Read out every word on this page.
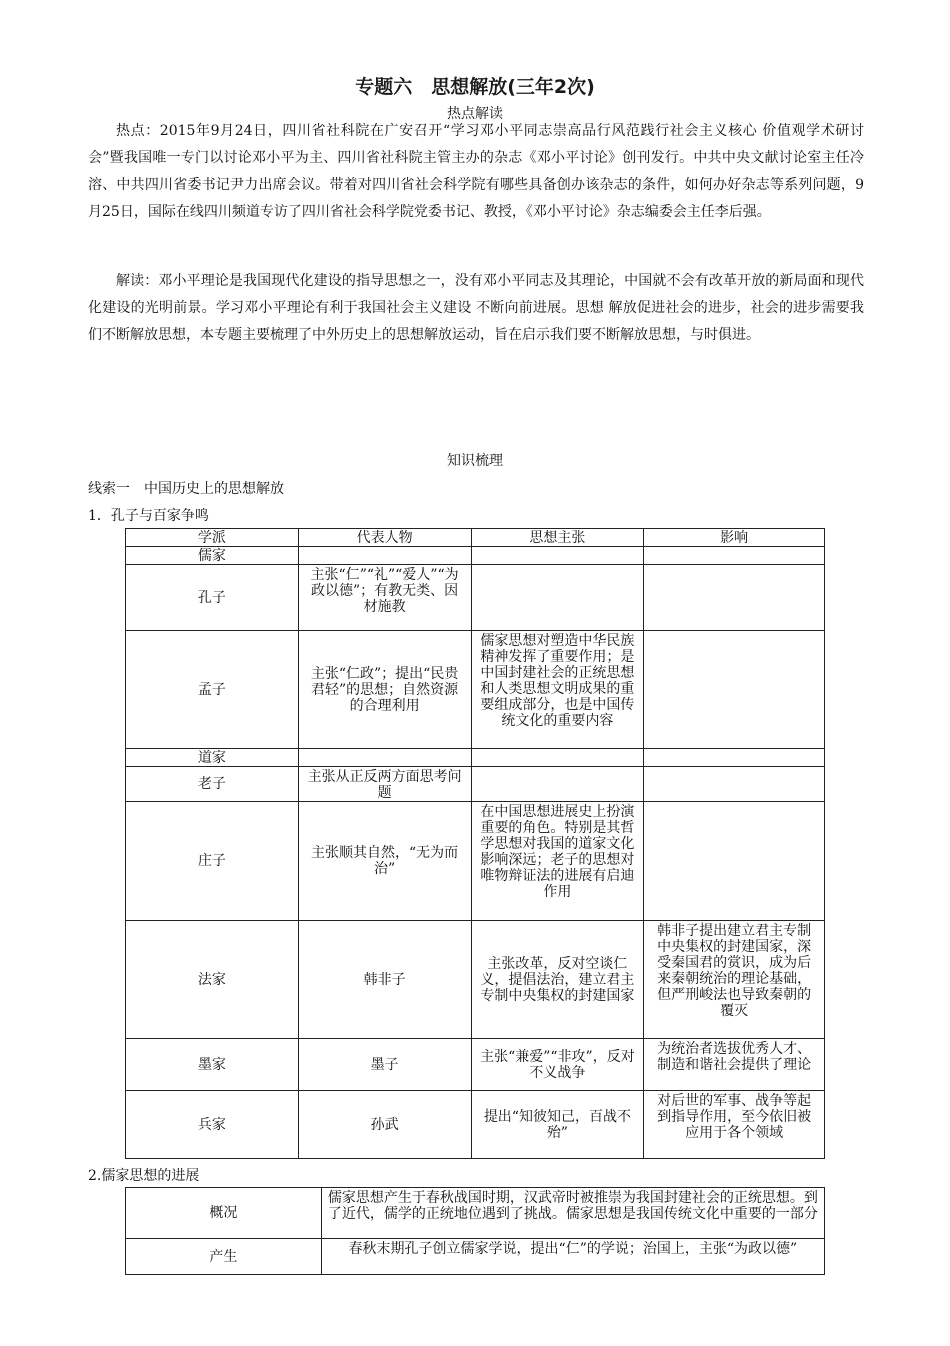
专题六　思想解放(三年2次)
热点解读

热点：2015年9月24日，四川省社科院在广安召开“学习邓小平同志崇高品行风范践行社会主义核心 价值观学术研讨会”暨我国唯一专门以讨论邓小平为主、四川省社科院主管主办的杂志《邓小平讨论》创刊发行。中共中央文献讨论室主任冷溶、中共四川省委书记尹力出席会议。带着对四川省社会科学院有哪些具备创办该杂志的条件，如何办好杂志等系列问题，9月25日，国际在线四川频道专访了四川省社会科学院党委书记、教授，《邓小平讨论》杂志编委会主任李后强。

解读：邓小平理论是我国现代化建设的指导思想之一，没有邓小平同志及其理论，中国就不会有改革开放的新局面和现代化建设的光明前景。学习邓小平理论有利于我国社会主义建设 不断向前进展。思想 解放促进社会的进步，社会的进步需要我们不断解放思想，本专题主要梳理了中外历史上的思想解放运动，旨在启示我们要不断解放思想，与时俱进。

知识梳理
线索一　中国历史上的思想解放
1．孔子与百家争鸣
学派	代表人物	思想主张	影响
儒家			
孔子	主张“仁”“礼”“爱人”“为政以德”；有教无类、因材施教		
孟子	主张“仁政”；提出“民贵君轻”的思想；自然资源的合理利用	儒家思想对塑造中华民族精神发挥了重要作用；是中国封建社会的正统思想和人类思想文明成果的重要组成部分，也是中国传统文化的重要内容	
道家			
老子	主张从正反两方面思考问题		
庄子	主张顺其自然，“无为而治”	在中国思想进展史上扮演重要的角色。特别是其哲学思想对我国的道家文化影响深远；老子的思想对唯物辩证法的进展有启迪作用	
法家	韩非子	主张改革，反对空谈仁义，提倡法治，建立君主专制中央集权的封建国家	韩非子提出建立君主专制中央集权的封建国家，深受秦国君的赏识，成为后来秦朝统治的理论基础，但严刑峻法也导致秦朝的覆灭
墨家	墨子	主张“兼爱”“非攻”，反对不义战争	为统治者选拔优秀人才、制造和谐社会提供了理论
兵家	孙武	提出“知彼知己，百战不殆”	对后世的军事、战争等起到指导作用，至今依旧被应用于各个领域
2.儒家思想的进展
概况	儒家思想产生于春秋战国时期，汉武帝时被推崇为我国封建社会的正统思想。到了近代，儒学的正统地位遇到了挑战。儒家思想是我国传统文化中重要的一部分
产生	春秋末期孔子创立儒家学说，提出“仁”的学说；治国上，主张“为政以德”
